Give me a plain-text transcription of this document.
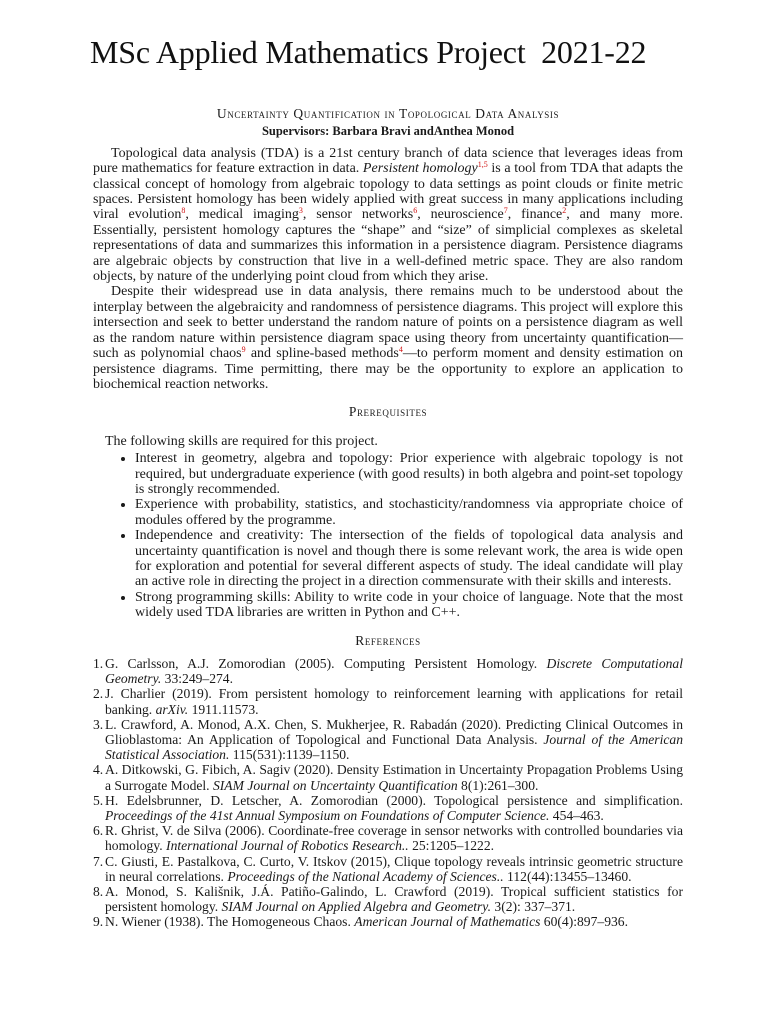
MSc Applied Mathematics Project  2021-22
Uncertainty Quantification in Topological Data Analysis
Supervisors: Barbara Bravi andAnthea Monod

Topological data analysis (TDA) is a 21st century branch of data science that leverages ideas from pure mathematics for feature extraction in data. Persistent homology$^{1,5}$ is a tool from TDA that adapts the classical concept of homology from algebraic topology to data settings as point clouds or finite metric spaces. Persistent homology has been widely applied with great success in many applications including viral evolution$^8$, medical imaging$^3$, sensor networks$^6$, neuroscience$^7$, finance$^2$, and many more. Essentially, persistent homology captures the “shape” and “size” of simplicial complexes as skeletal representations of data and summarizes this information in a persistence diagram. Persistence diagrams are algebraic objects by construction that live in a well-defined metric space. They are also random objects, by nature of the underlying point cloud from which they arise.

Despite their widespread use in data analysis, there remains much to be understood about the interplay between the algebraicity and randomness of persistence diagrams. This project will explore this intersection and seek to better understand the random nature of points on a persistence diagram as well as the random nature within persistence diagram space using theory from uncertainty quantification—such as polynomial chaos$^9$ and spline-based methods$^4$—to perform moment and density estimation on persistence diagrams. Time permitting, there may be the opportunity to explore an application to biochemical reaction networks.

Prerequisites

The following skills are required for this project.

• Interest in geometry, algebra and topology: Prior experience with algebraic topology is not required, but undergraduate experience (with good results) in both algebra and point-set topology is strongly recommended.
• Experience with probability, statistics, and stochasticity/randomness via appropriate choice of modules offered by the programme.
• Independence and creativity: The intersection of the fields of topological data analysis and uncertainty quantification is novel and though there is some relevant work, the area is wide open for exploration and potential for several different aspects of study. The ideal candidate will play an active role in directing the project in a direction commensurate with their skills and interests.
• Strong programming skills: Ability to write code in your choice of language. Note that the most widely used TDA libraries are written in Python and C++.
References
1. G. Carlsson, A.J. Zomorodian (2005). Computing Persistent Homology. Discrete Computational Geometry. 33:249–274.
2. J. Charlier (2019). From persistent homology to reinforcement learning with applications for retail banking. arXiv. 1911.11573.
3. L. Crawford, A. Monod, A.X. Chen, S. Mukherjee, R. Rabadán (2020). Predicting Clinical Outcomes in Glioblastoma: An Application of Topological and Functional Data Analysis. Journal of the American Statistical Association. 115(531):1139–1150.
4. A. Ditkowski, G. Fibich, A. Sagiv (2020). Density Estimation in Uncertainty Propagation Problems Using a Surrogate Model. SIAM Journal on Uncertainty Quantification 8(1):261–300.
5. H. Edelsbrunner, D. Letscher, A. Zomorodian (2000). Topological persistence and simplification. Proceedings of the 41st Annual Symposium on Foundations of Computer Science. 454–463.
6. R. Ghrist, V. de Silva (2006). Coordinate-free coverage in sensor networks with controlled boundaries via homology. International Journal of Robotics Research.. 25:1205–1222.
7. C. Giusti, E. Pastalkova, C. Curto, V. Itskov (2015), Clique topology reveals intrinsic geometric structure in neural correlations. Proceedings of the National Academy of Sciences.. 112(44):13455–13460.
8. A. Monod, S. Kališnik, J.Á. Patiño-Galindo, L. Crawford (2019). Tropical sufficient statistics for persistent homology. SIAM Journal on Applied Algebra and Geometry. 3(2): 337–371.
9. N. Wiener (1938). The Homogeneous Chaos. American Journal of Mathematics 60(4):897–936.
